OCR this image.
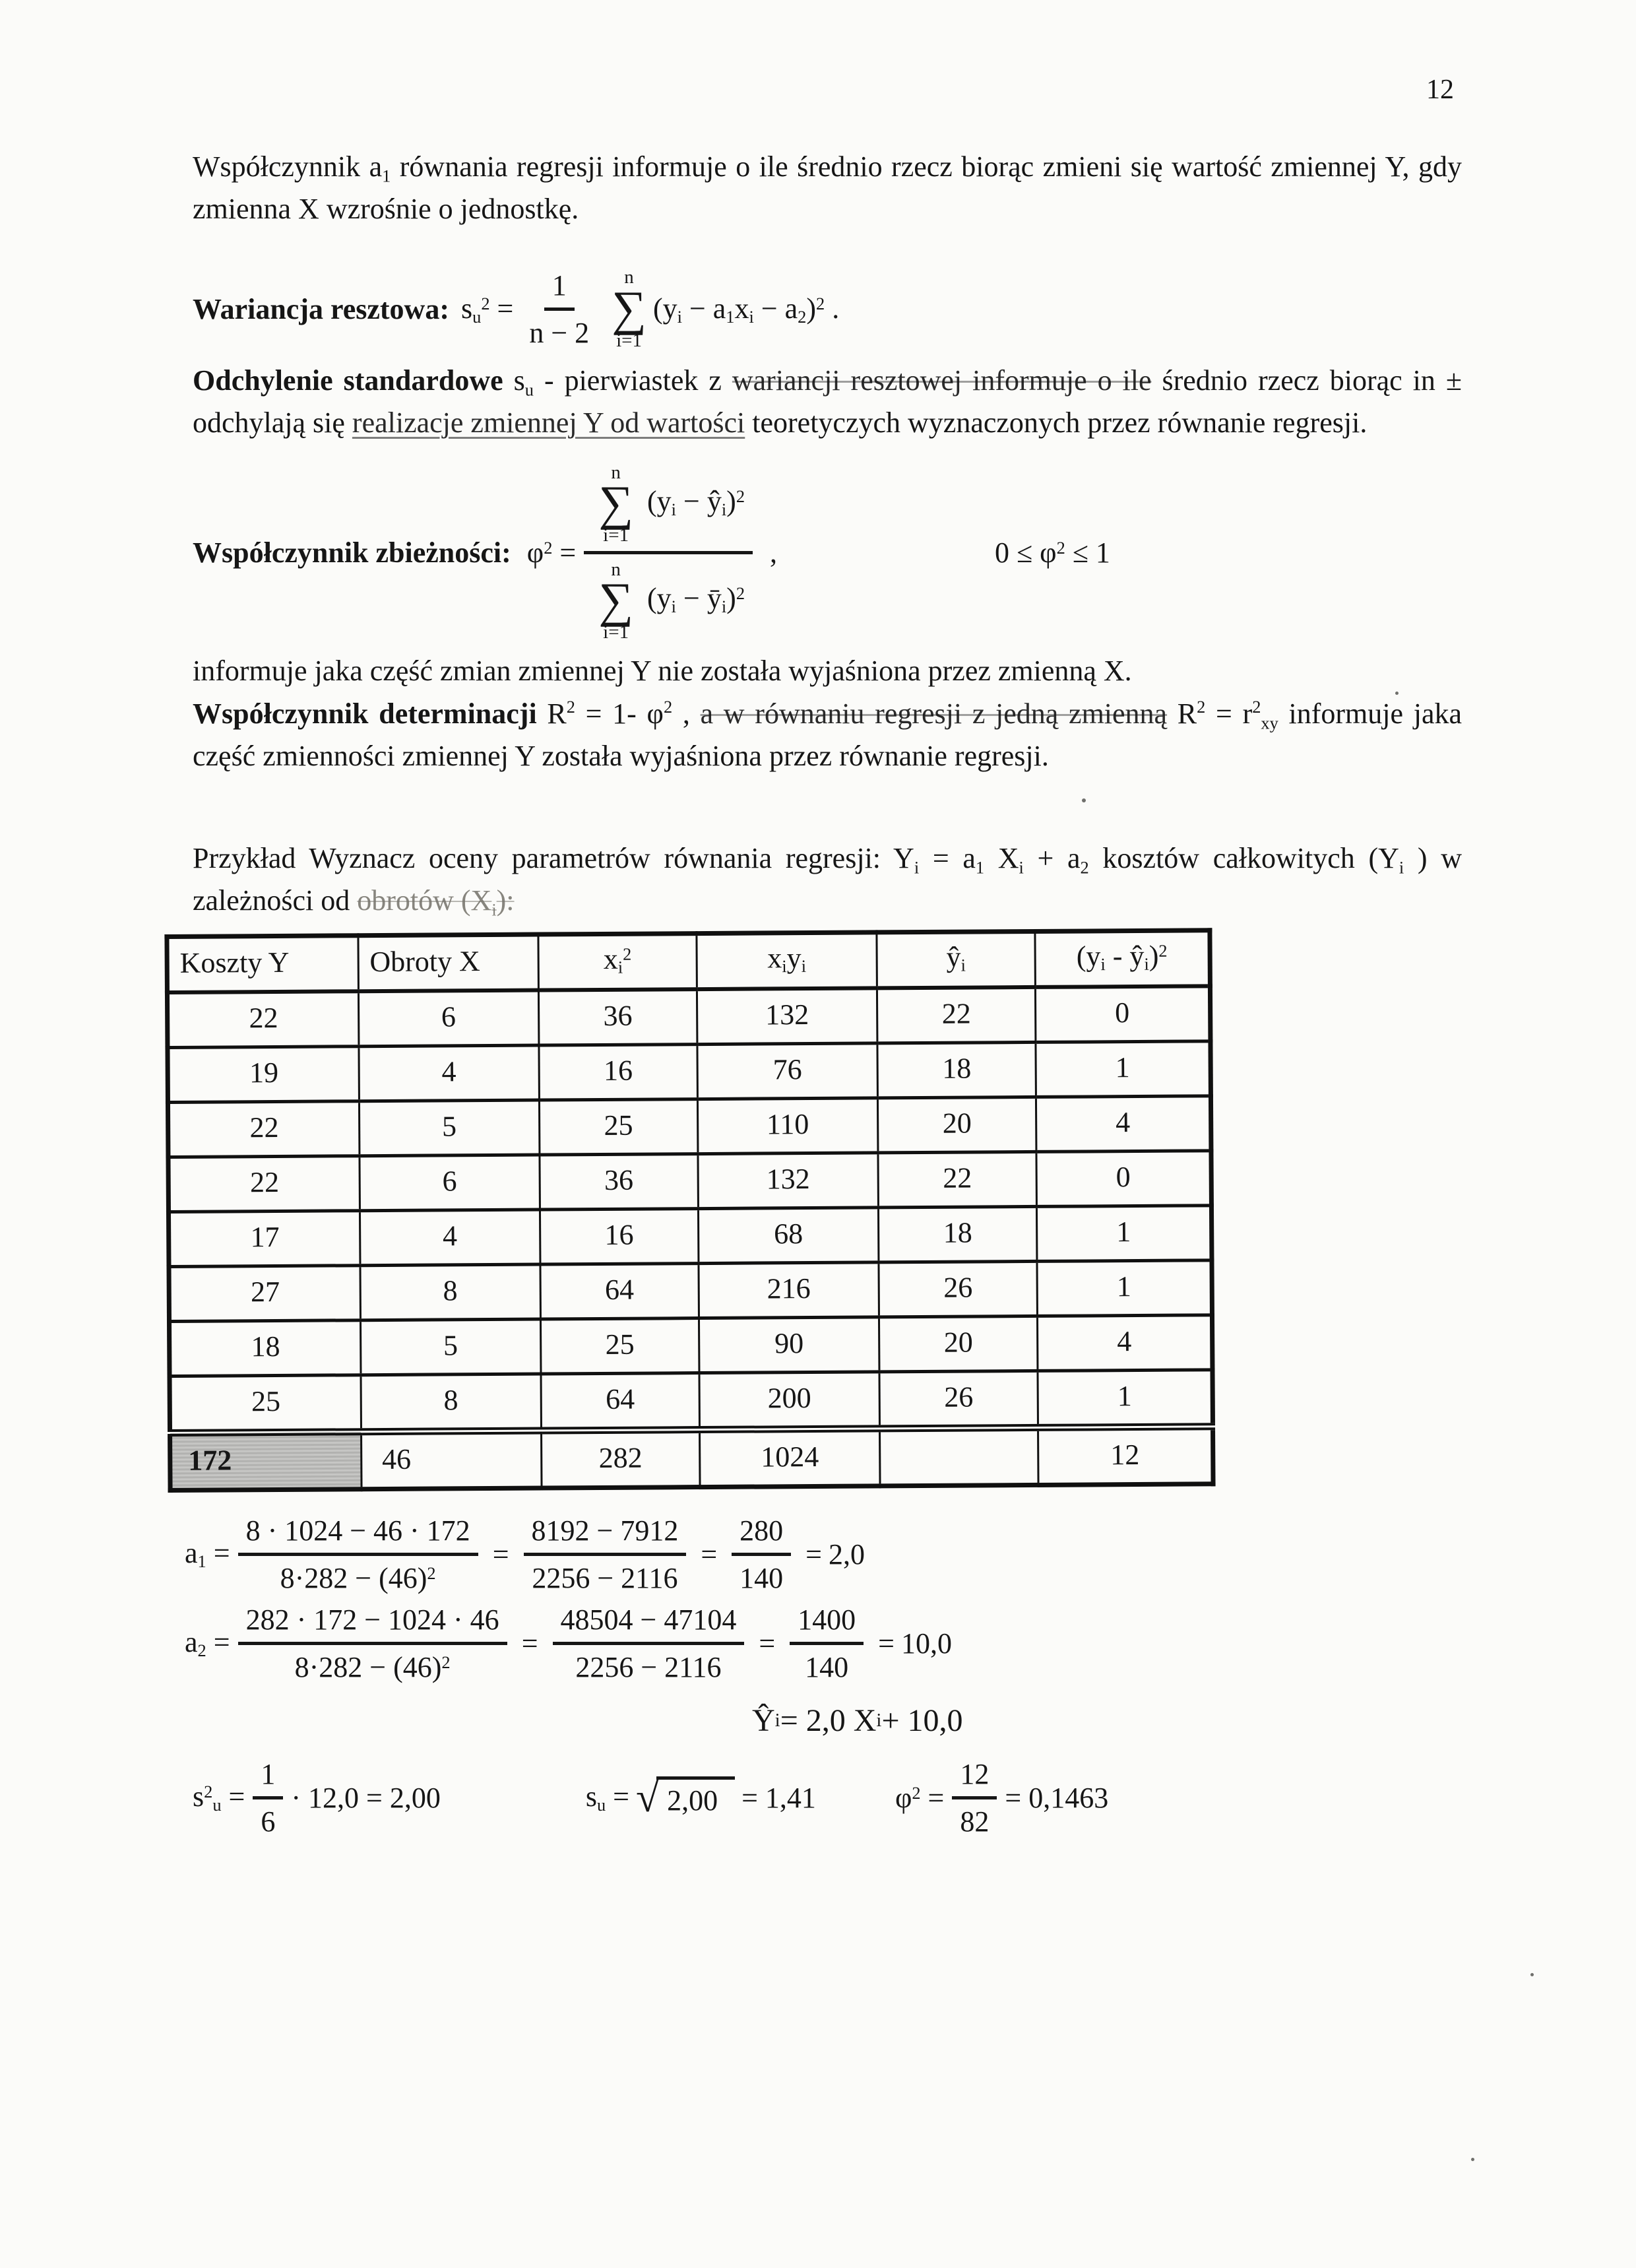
12

Współczynnik a1 równania regresji informuje o ile średnio rzecz biorąc zmieni się wartość zmiennej Y, gdy zmienna X wzrośnie o jednostkę.

Wariancja resztowa: $su^2 = \frac{1}{n - 2}$ n
∑
i=1
(yi − a1xi − a2)$^2$ .

Odchylenie standardowe su - pierwiastek z wariancji resztowej informuje o ile średnio rzecz biorąc in ± odchylają się realizacje zmiennej Y od wartości teoretyczych wyznaczonych przez równanie regresji.

Współczynnik zbieżności: $\varphi^2 = n$
∑
i=1
(yi − ŷi)$^2$
n
∑
i=1
(yi − ȳi)$^2$ ,	$0 \le \varphi^2 \le 1$

informuje jaka część zmian zmiennej Y nie została wyjaśniona przez zmienną X.

Współczynnik determinacji $R^2 = 1-$ $\varphi^2$ , a w równaniu regresji z jedną zmienną $R^2 = r^2xy$ informuje jaka część zmienności zmiennej Y została wyjaśniona przez równanie regresji.

Przykład Wyznacz oceny parametrów równania regresji: Yi = a1 Xi + a2 kosztów całkowitych (Yi ) w zależności od obrotów (Xi):

Koszty Y	Obroty X	$xi^2$	xiyi	ŷi	(yi - ŷi)$^2$
22	6	36	132	22	0
19	4	16	76	18	1
22	5	25	110	20	4
22	6	36	132	22	0
17	4	16	68	18	1
27	8	64	216	26	1
18	5	25	90	20	4
25	8	64	200	26	1
172	46	282	1024		12
$a1 = \frac{8 \cdot 1024 - 46 \cdot 172}{8\cdot 282 - (46)^2} = \frac{8192 - 7912}{2256 - 2116} = \frac{280}{140} = 2,0$
$a2 = \frac{282 \cdot 172 - 1024 \cdot 46}{8\cdot 282 - (46)^2} = \frac{48504 - 47104}{2256 - 2116} = \frac{1400}{140} = 10,0$
Ŷ i = 2,0 X i + 10,0
$s^2u = \frac{1}{6} \cdot 12,0 = 2,00$	su = √ 2,00 = 1,41	$\varphi^2 = \frac{12}{82} = 0,1463$
